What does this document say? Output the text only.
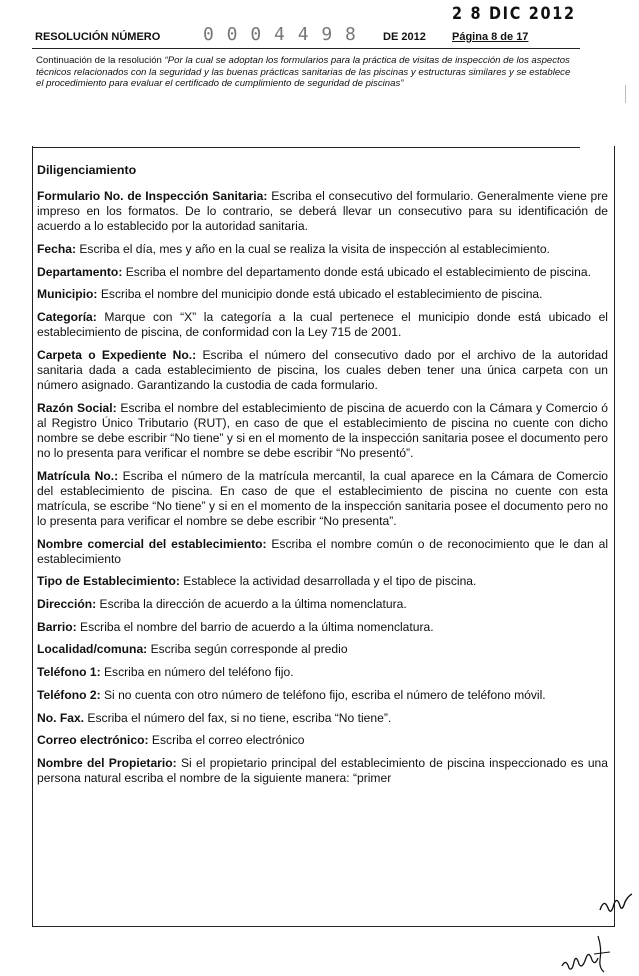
2 8 DIC 2012
RESOLUCIÓN NÚMERO 0 0 0 4 4 9 8 DE 2012 Página 8 de 17
Continuación de la resolución “Por la cual se adoptan los formularios para la práctica de visitas de inspección de los aspectos técnicos relacionados con la seguridad y las buenas prácticas sanitarias de las piscinas y estructuras similares y se establece el procedimiento para evaluar el certificado de cumplimiento de seguridad de piscinas”
Diligenciamiento

Formulario No. de Inspección Sanitaria: Escriba el consecutivo del formulario. Generalmente viene pre impreso en los formatos. De lo contrario, se deberá llevar un consecutivo para su identificación de acuerdo a lo establecido por la autoridad sanitaria.

Fecha: Escriba el día, mes y año en la cual se realiza la visita de inspección al establecimiento.

Departamento: Escriba el nombre del departamento donde está ubicado el establecimiento de piscina.

Municipio: Escriba el nombre del municipio donde está ubicado el establecimiento de piscina.

Categoría: Marque con “X” la categoría a la cual pertenece el municipio donde está ubicado el establecimiento de piscina, de conformidad con la Ley 715 de 2001.

Carpeta o Expediente No.: Escriba el número del consecutivo dado por el archivo de la autoridad sanitaria dada a cada establecimiento de piscina, los cuales deben tener una única carpeta con un número asignado. Garantizando la custodia de cada formulario.

Razón Social: Escriba el nombre del establecimiento de piscina de acuerdo con la Cámara y Comercio ó al Registro Único Tributario (RUT), en caso de que el establecimiento de piscina no cuente con dicho nombre se debe escribir “No tiene” y si en el momento de la inspección sanitaria posee el documento pero no lo presenta para verificar el nombre se debe escribir “No presentó”.

Matrícula No.: Escriba el número de la matrícula mercantil, la cual aparece en la Cámara de Comercio del establecimiento de piscina. En caso de que el establecimiento de piscina no cuente con esta matrícula, se escribe “No tiene” y si en el momento de la inspección sanitaria posee el documento pero no lo presenta para verificar el nombre se debe escribir “No presenta”.

Nombre comercial del establecimiento: Escriba el nombre común o de reconocimiento que le dan al establecimiento

Tipo de Establecimiento: Establece la actividad desarrollada y el tipo de piscina.

Dirección: Escriba la dirección de acuerdo a la última nomenclatura.

Barrio: Escriba el nombre del barrio de acuerdo a la última nomenclatura.

Localidad/comuna: Escriba según corresponde al predio

Teléfono 1: Escriba en número del teléfono fijo.

Teléfono 2: Si no cuenta con otro número de teléfono fijo, escriba el número de teléfono móvil.

No. Fax. Escriba el número del fax, si no tiene, escriba “No tiene”.

Correo electrónico: Escriba el correo electrónico

Nombre del Propietario: Si el propietario principal del establecimiento de piscina inspeccionado es una persona natural escriba el nombre de la siguiente manera: “primer
